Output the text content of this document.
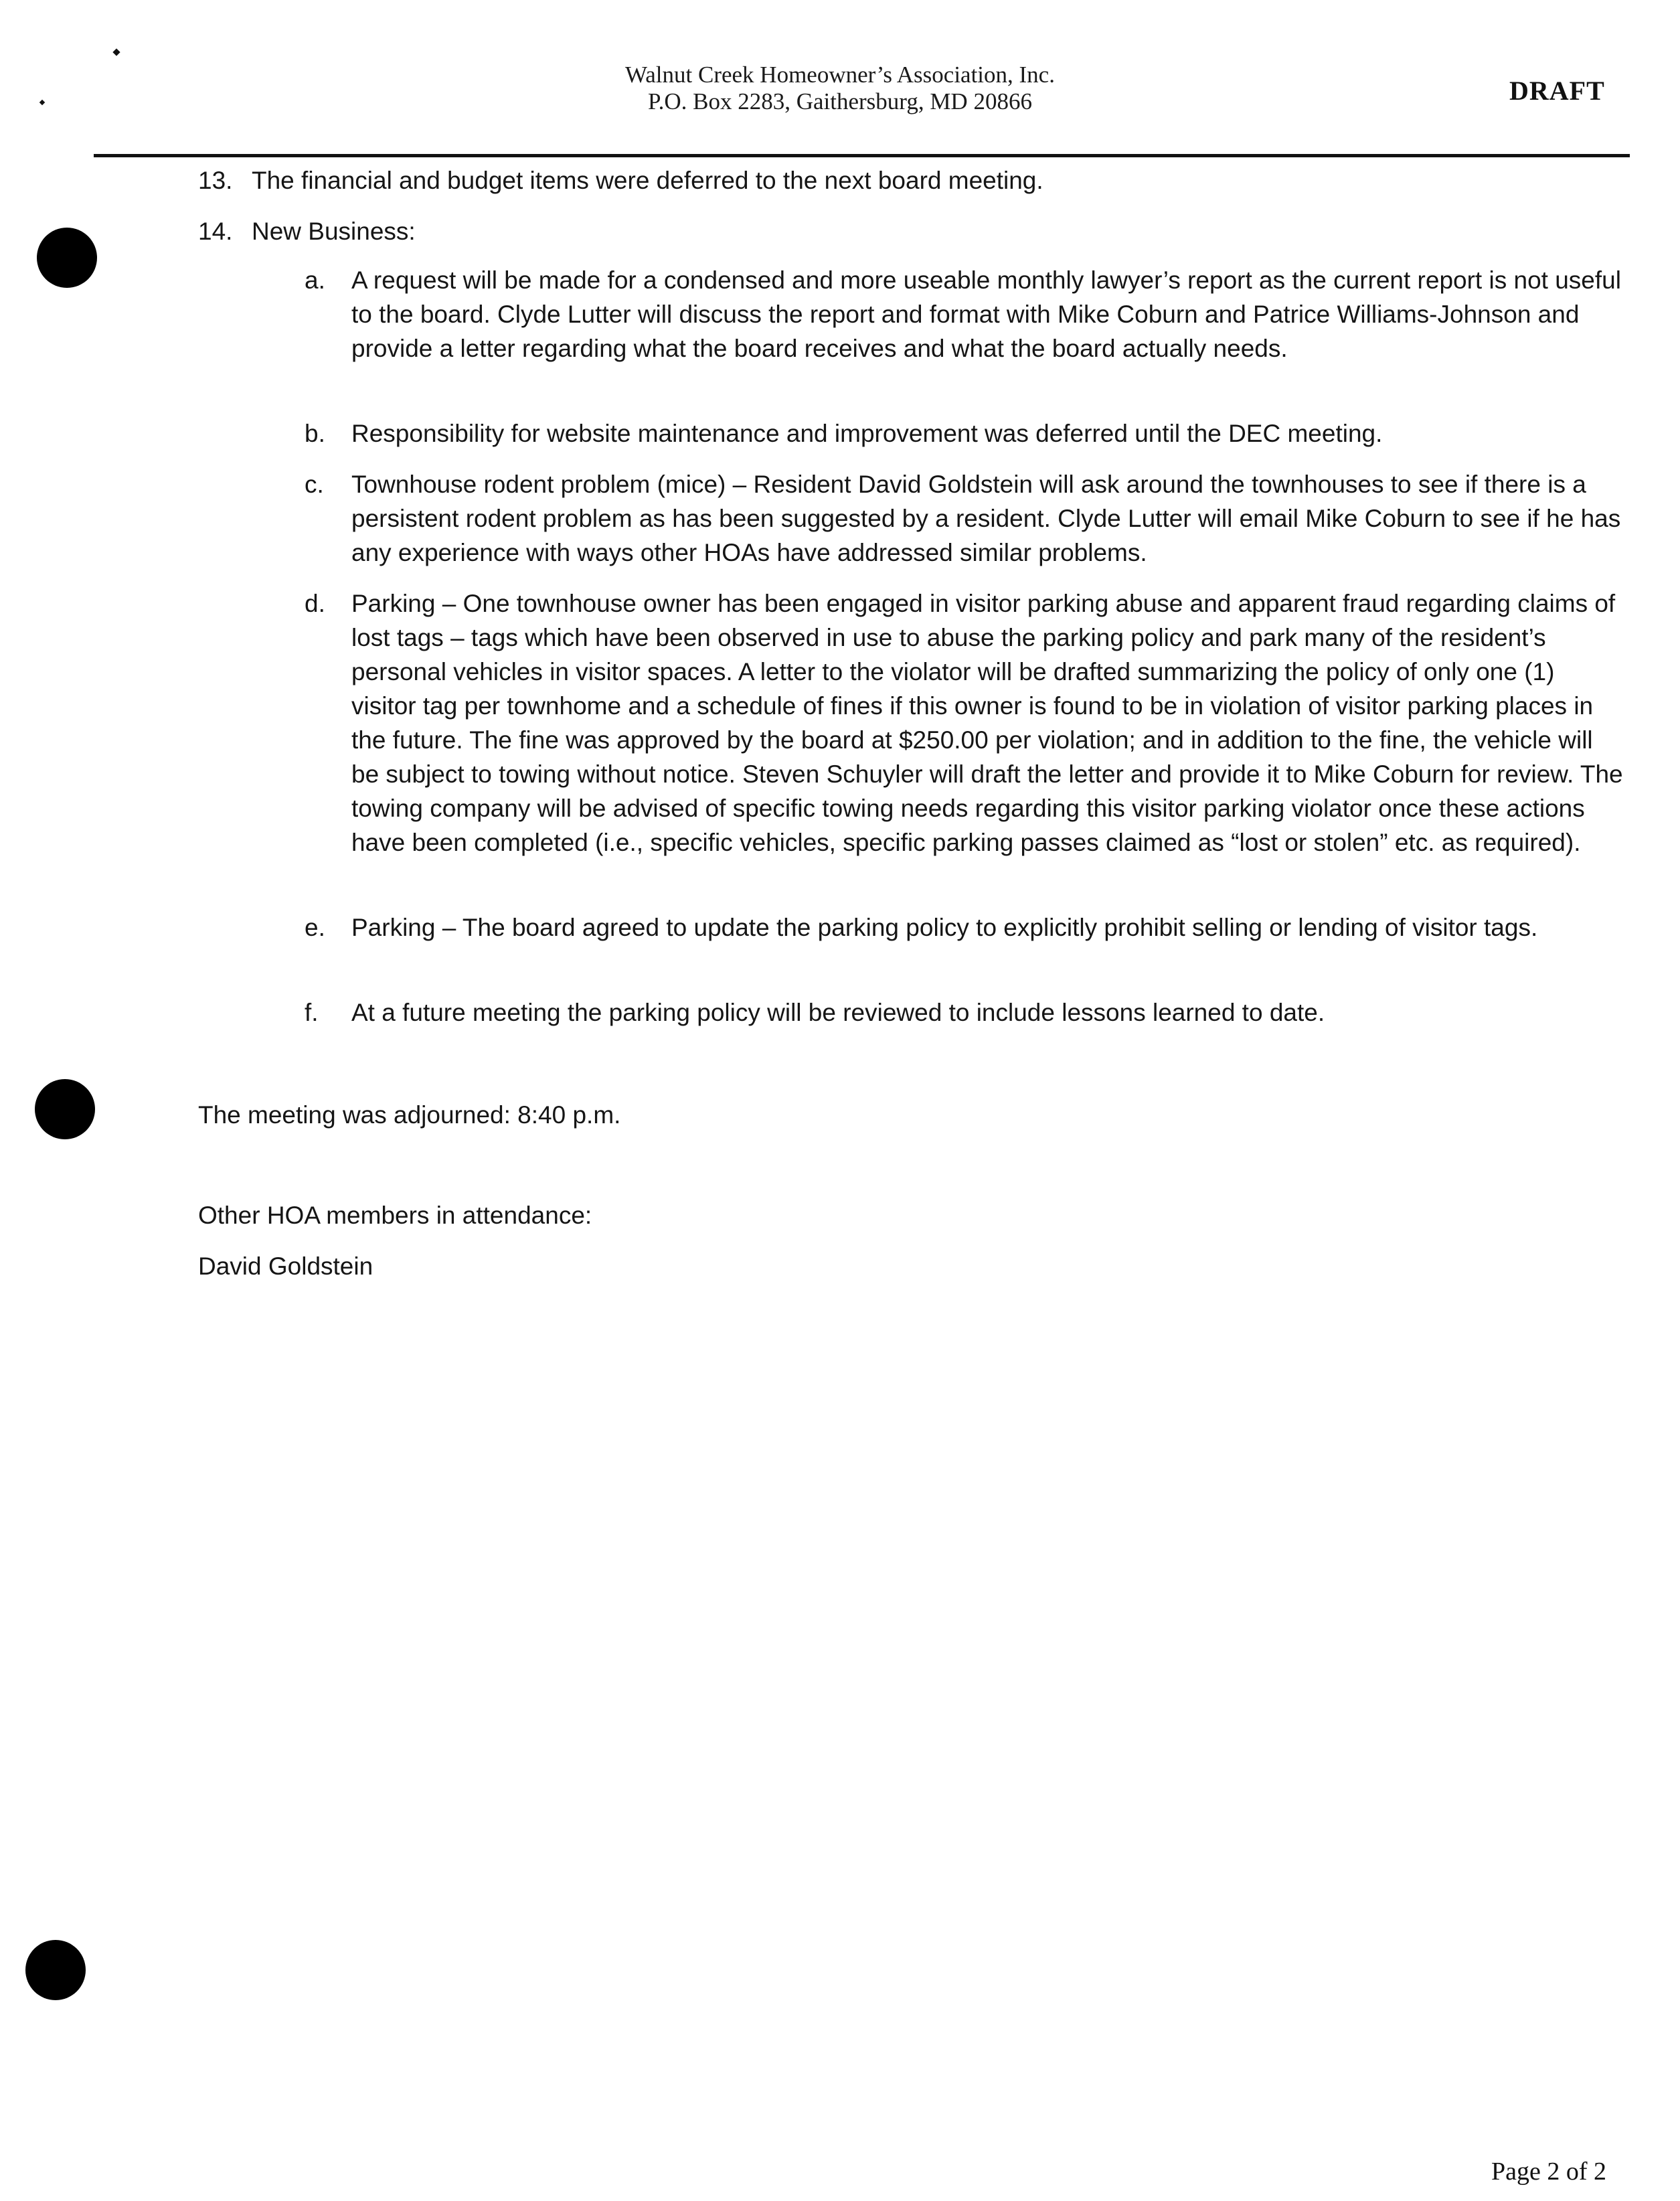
Walnut Creek Homeowner’s Association, Inc.
P.O. Box 2283, Gaithersburg, MD 20866	DRAFT
13. The financial and budget items were deferred to the next board meeting.
14. New Business:
a. A request will be made for a condensed and more useable monthly lawyer’s report as the current report is not useful to the board. Clyde Lutter will discuss the report and format with Mike Coburn and Patrice Williams-Johnson and provide a letter regarding what the board receives and what the board actually needs.
b. Responsibility for website maintenance and improvement was deferred until the DEC meeting.
c. Townhouse rodent problem (mice) – Resident David Goldstein will ask around the townhouses to see if there is a persistent rodent problem as has been suggested by a resident. Clyde Lutter will email Mike Coburn to see if he has any experience with ways other HOAs have addressed similar problems.
d. Parking – One townhouse owner has been engaged in visitor parking abuse and apparent fraud regarding claims of lost tags – tags which have been observed in use to abuse the parking policy and park many of the resident’s personal vehicles in visitor spaces. A letter to the violator will be drafted summarizing the policy of only one (1) visitor tag per townhome and a schedule of fines if this owner is found to be in violation of visitor parking places in the future. The fine was approved by the board at $250.00 per violation; and in addition to the fine, the vehicle will be subject to towing without notice. Steven Schuyler will draft the letter and provide it to Mike Coburn for review. The towing company will be advised of specific towing needs regarding this visitor parking violator once these actions have been completed (i.e., specific vehicles, specific parking passes claimed as “lost or stolen” etc. as required).
e. Parking – The board agreed to update the parking policy to explicitly prohibit selling or lending of visitor tags.
f. At a future meeting the parking policy will be reviewed to include lessons learned to date.
The meeting was adjourned: 8:40 p.m.
Other HOA members in attendance:
David Goldstein
Page 2 of 2
